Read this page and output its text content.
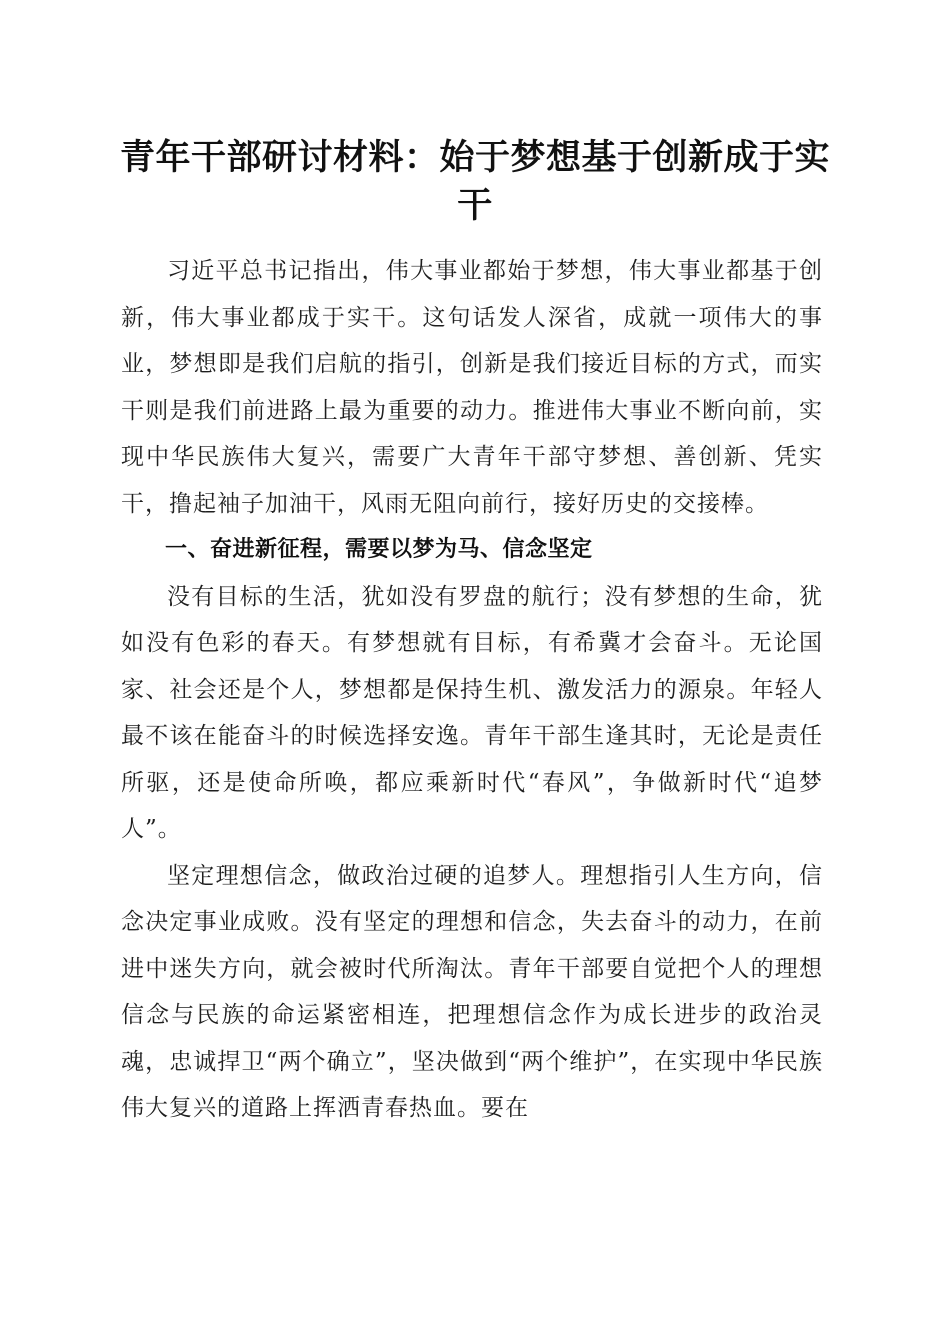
青年干部研讨材料：始于梦想基于创新成于实干

习近平总书记指出，伟大事业都始于梦想，伟大事业都基于创新，伟大事业都成于实干。这句话发人深省，成就一项伟大的事业，梦想即是我们启航的指引，创新是我们接近目标的方式，而实干则是我们前进路上最为重要的动力。推进伟大事业不断向前，实现中华民族伟大复兴，需要广大青年干部守梦想、善创新、凭实干，撸起袖子加油干，风雨无阻向前行，接好历史的交接棒。

一、奋进新征程，需要以梦为马、信念坚定

没有目标的生活，犹如没有罗盘的航行；没有梦想的生命，犹如没有色彩的春天。有梦想就有目标，有希冀才会奋斗。无论国家、社会还是个人，梦想都是保持生机、激发活力的源泉。年轻人最不该在能奋斗的时候选择安逸。青年干部生逢其时，无论是责任所驱，还是使命所唤，都应乘新时代“春风”，争做新时代“追梦人”。

坚定理想信念，做政治过硬的追梦人。理想指引人生方向，信念决定事业成败。没有坚定的理想和信念，失去奋斗的动力，在前进中迷失方向，就会被时代所淘汰。青年干部要自觉把个人的理想信念与民族的命运紧密相连，把理想信念作为成长进步的政治灵魂，忠诚捍卫“两个确立”，坚决做到“两个维护”，在实现中华民族伟大复兴的道路上挥洒青春热血。要在
